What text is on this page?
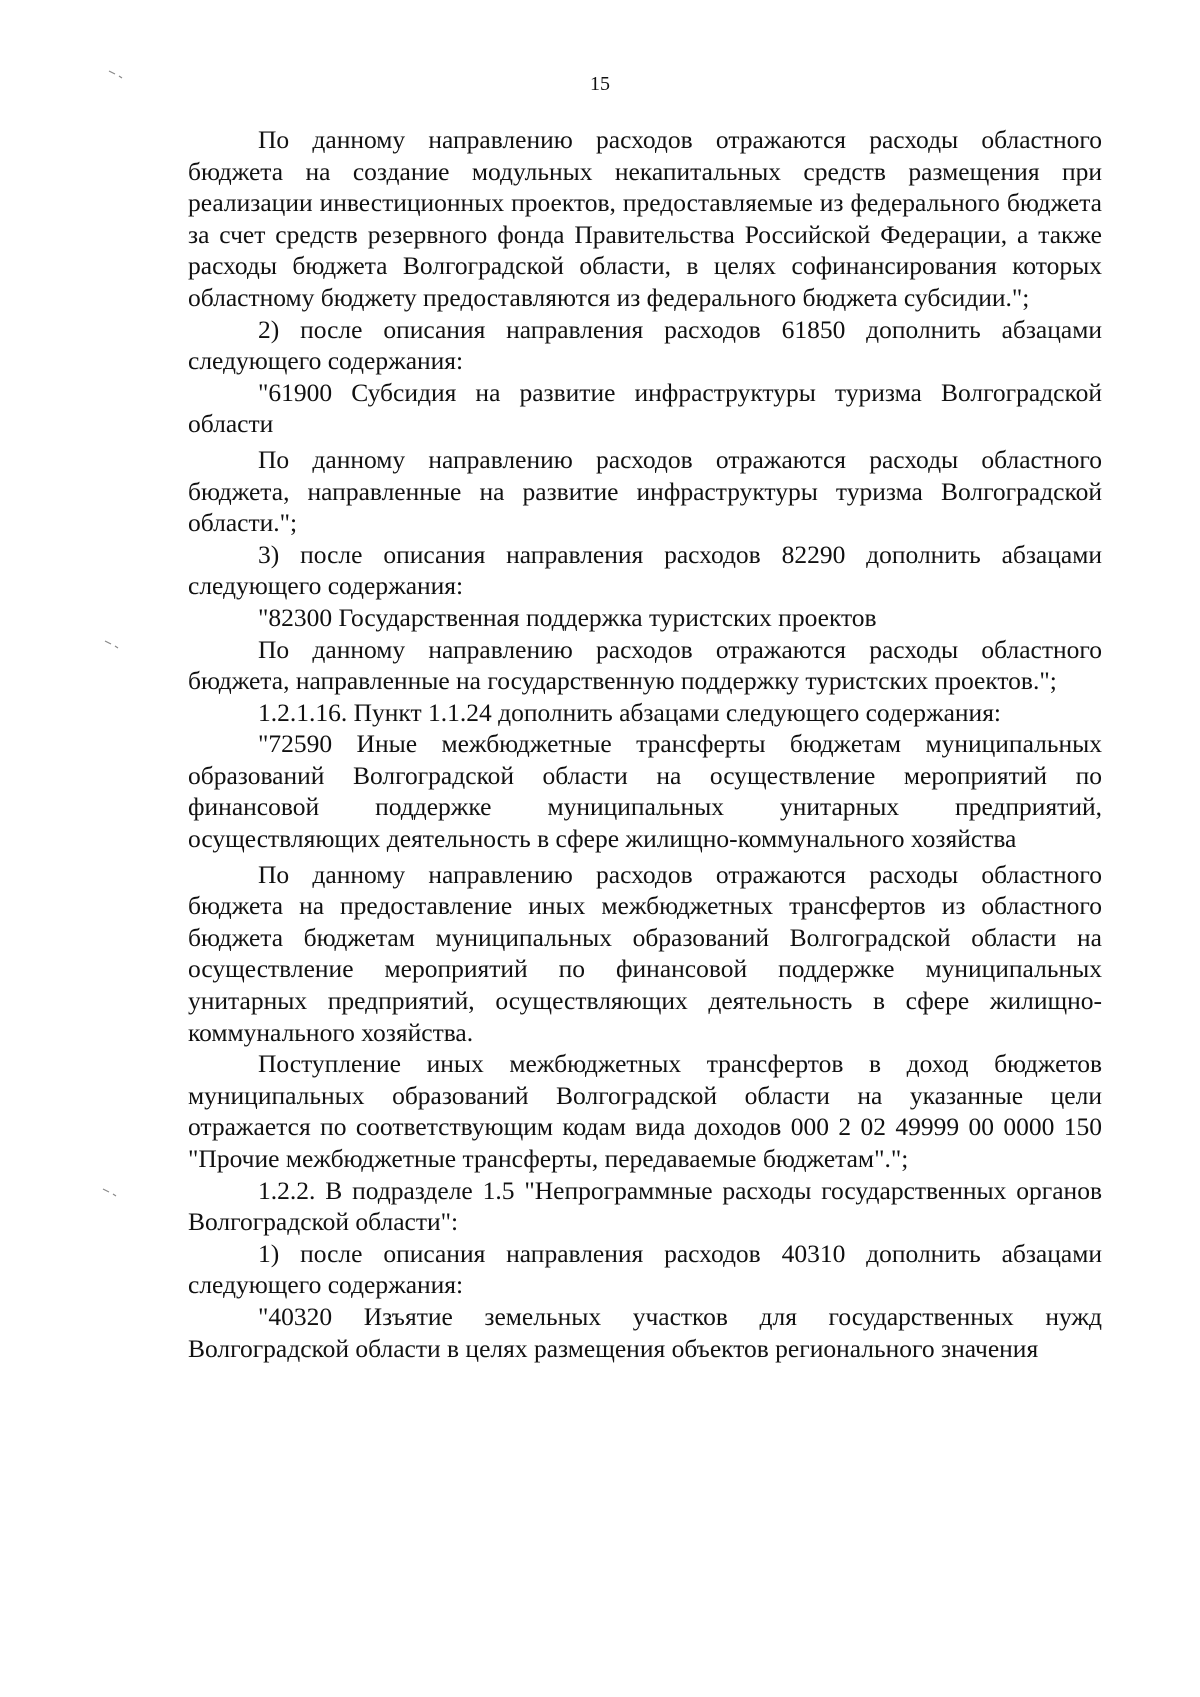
15

По данному направлению расходов отражаются расходы областного бюджета на создание модульных некапитальных средств размещения при реализации инвестиционных проектов, предоставляемые из федерального бюджета за счет средств резервного фонда Правительства Российской Федерации, а также расходы бюджета Волгоградской области, в целях софинансирования которых областному бюджету предоставляются из федерального бюджета субсидии.";

2) после описания направления расходов 61850 дополнить абзацами следующего содержания:

"61900 Субсидия на развитие инфраструктуры туризма Волгоградской области

По данному направлению расходов отражаются расходы областного бюджета, направленные на развитие инфраструктуры туризма Волгоградской области.";

3) после описания направления расходов 82290 дополнить абзацами следующего содержания:

"82300 Государственная поддержка туристских проектов

По данному направлению расходов отражаются расходы областного бюджета, направленные на государственную поддержку туристских проектов.";

1.2.1.16. Пункт 1.1.24 дополнить абзацами следующего содержания:

"72590 Иные межбюджетные трансферты бюджетам муниципальных образований Волгоградской области на осуществление мероприятий по финансовой поддержке муниципальных унитарных предприятий, осуществляющих деятельность в сфере жилищно-коммунального хозяйства

По данному направлению расходов отражаются расходы областного бюджета на предоставление иных межбюджетных трансфертов из областного бюджета бюджетам муниципальных образований Волгоградской области на осуществление мероприятий по финансовой поддержке муниципальных унитарных предприятий, осуществляющих деятельность в сфере жилищно-коммунального хозяйства.

Поступление иных межбюджетных трансфертов в доход бюджетов муниципальных образований Волгоградской области на указанные цели отражается по соответствующим кодам вида доходов 000 2 02 49999 00 0000 150 "Прочие межбюджетные трансферты, передаваемые бюджетам".";

1.2.2. В подразделе 1.5 "Непрограммные расходы государственных органов Волгоградской области":

1) после описания направления расходов 40310 дополнить абзацами следующего содержания:

"40320 Изъятие земельных участков для государственных нужд Волгоградской области в целях размещения объектов регионального значения
